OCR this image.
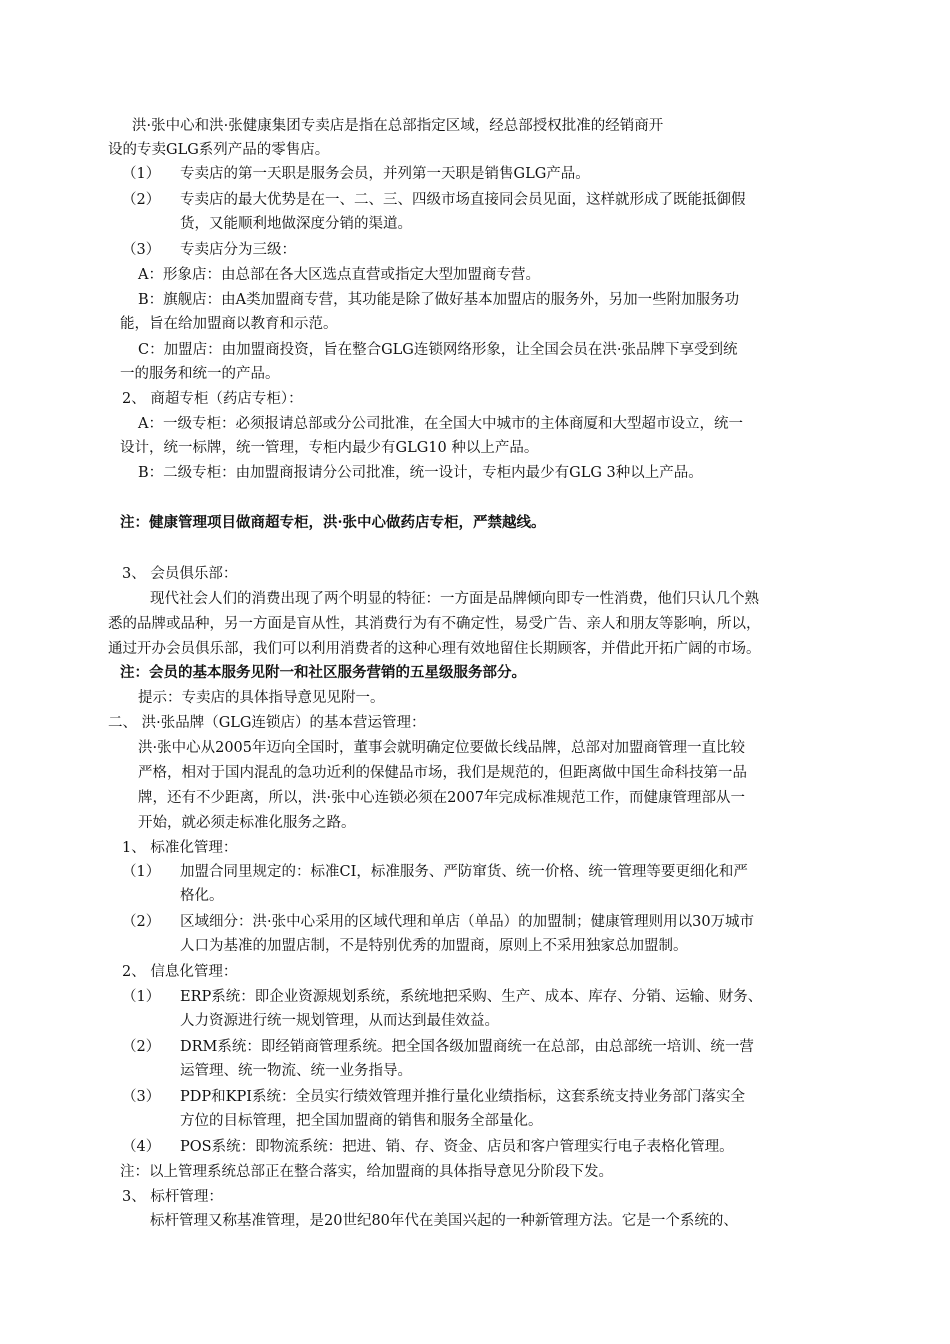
洪·张中心和洪·张健康集团专卖店是指在总部指定区域，经总部授权批准的经销商开
设的专卖GLG系列产品的零售店。
（1） 专卖店的第一天职是服务会员，并列第一天职是销售GLG产品。
（2） 专卖店的最大优势是在一、二、三、四级市场直接同会员见面，这样就形成了既能抵御假
货，又能顺利地做深度分销的渠道。
（3） 专卖店分为三级：
A：形象店：由总部在各大区选点直营或指定大型加盟商专营。
B：旗舰店：由A类加盟商专营，其功能是除了做好基本加盟店的服务外，另加一些附加服务功
能，旨在给加盟商以教育和示范。
C：加盟店：由加盟商投资，旨在整合GLG连锁网络形象，让全国会员在洪·张品牌下享受到统
一的服务和统一的产品。
2、 商超专柜（药店专柜）：
A：一级专柜：必须报请总部或分公司批准，在全国大中城市的主体商厦和大型超市设立，统一
设计，统一标牌，统一管理，专柜内最少有GLG10 种以上产品。
B：二级专柜：由加盟商报请分公司批准，统一设计，专柜内最少有GLG 3种以上产品。
注：健康管理项目做商超专柜，洪·张中心做药店专柜，严禁越线。
3、 会员俱乐部：
现代社会人们的消费出现了两个明显的特征：一方面是品牌倾向即专一性消费，他们只认几个熟
悉的品牌或品种，另一方面是盲从性，其消费行为有不确定性，易受广告、亲人和朋友等影响，所以，
通过开办会员俱乐部，我们可以利用消费者的这种心理有效地留住长期顾客，并借此开拓广阔的市场。
注：会员的基本服务见附一和社区服务营销的五星级服务部分。
提示：专卖店的具体指导意见见附一。
二、 洪·张品牌（GLG连锁店）的基本营运管理：
洪·张中心从2005年迈向全国时，董事会就明确定位要做长线品牌，总部对加盟商管理一直比较
严格，相对于国内混乱的急功近利的保健品市场，我们是规范的，但距离做中国生命科技第一品
牌，还有不少距离，所以，洪·张中心连锁必须在2007年完成标准规范工作，而健康管理部从一
开始，就必须走标准化服务之路。
1、 标准化管理：
（1） 加盟合同里规定的：标准CI，标准服务、严防窜货、统一价格、统一管理等要更细化和严
格化。
（2） 区域细分：洪·张中心采用的区域代理和单店（单品）的加盟制；健康管理则用以30万城市
人口为基准的加盟店制，不是特别优秀的加盟商，原则上不采用独家总加盟制。
2、 信息化管理：
（1） ERP系统：即企业资源规划系统，系统地把采购、生产、成本、库存、分销、运输、财务、
人力资源进行统一规划管理，从而达到最佳效益。
（2） DRM系统：即经销商管理系统。把全国各级加盟商统一在总部，由总部统一培训、统一营
运管理、统一物流、统一业务指导。
（3） PDP和KPI系统：全员实行绩效管理并推行量化业绩指标，这套系统支持业务部门落实全
方位的目标管理，把全国加盟商的销售和服务全部量化。
（4） POS系统：即物流系统：把进、销、存、资金、店员和客户管理实行电子表格化管理。
注：以上管理系统总部正在整合落实，给加盟商的具体指导意见分阶段下发。
3、 标杆管理：
标杆管理又称基准管理，是20世纪80年代在美国兴起的一种新管理方法。它是一个系统的、
